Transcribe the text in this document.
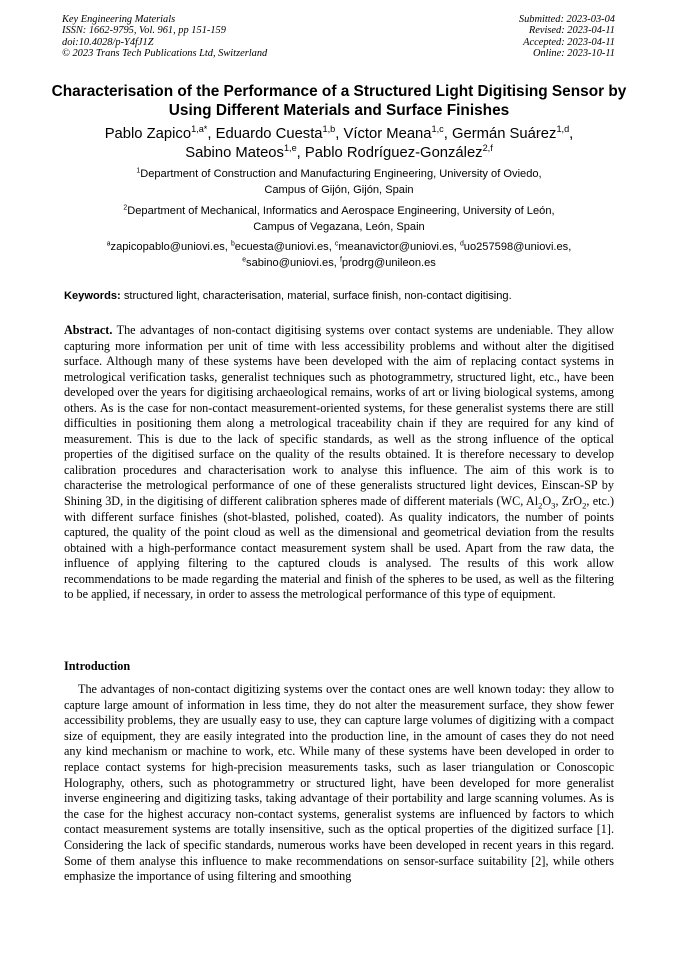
Key Engineering Materials
ISSN: 1662-9795, Vol. 961, pp 151-159
doi:10.4028/p-Y4fJ1Z
© 2023 Trans Tech Publications Ltd, Switzerland
Submitted: 2023-03-04
Revised: 2023-04-11
Accepted: 2023-04-11
Online: 2023-10-11
Characterisation of the Performance of a Structured Light Digitising Sensor by Using Different Materials and Surface Finishes
Pablo Zapico$^{1,a*}$, Eduardo Cuesta$^{1,b}$, Víctor Meana$^{1,c}$, Germán Suárez$^{1,d}$,
Sabino Mateos$^{1,e}$, Pablo Rodríguez-González$^{2,f}$
$^1$Department of Construction and Manufacturing Engineering, University of Oviedo,
Campus of Gijón, Gijón, Spain
$^2$Department of Mechanical, Informatics and Aerospace Engineering, University of León,
Campus of Vegazana, León, Spain
$^a$zapicopablo@uniovi.es, $^b$ecuesta@uniovi.es, $^c$meanavictor@uniovi.es, $^d$uo257598@uniovi.es,
$^e$sabino@uniovi.es, $^f$prodrg@unileon.es
Keywords: structured light, characterisation, material, surface finish, non-contact digitising.
Abstract. The advantages of non-contact digitising systems over contact systems are undeniable. They allow capturing more information per unit of time with less accessibility problems and without alter the digitised surface. Although many of these systems have been developed with the aim of replacing contact systems in metrological verification tasks, generalist techniques such as photogrammetry, structured light, etc., have been developed over the years for digitising archaeological remains, works of art or living biological systems, among others. As is the case for non-contact measurement-oriented systems, for these generalist systems there are still difficulties in positioning them along a metrological traceability chain if they are required for any kind of measurement. This is due to the lack of specific standards, as well as the strong influence of the optical properties of the digitised surface on the quality of the results obtained. It is therefore necessary to develop calibration procedures and characterisation work to analyse this influence. The aim of this work is to characterise the metrological performance of one of these generalists structured light devices, Einscan-SP by Shining 3D, in the digitising of different calibration spheres made of different materials (WC, $Al_2O_3$, ZrO$_2$, etc.) with different surface finishes (shot-blasted, polished, coated). As quality indicators, the number of points captured, the quality of the point cloud as well as the dimensional and geometrical deviation from the results obtained with a high-performance contact measurement system shall be used. Apart from the raw data, the influence of applying filtering to the captured clouds is analysed. The results of this work allow recommendations to be made regarding the material and finish of the spheres to be used, as well as the filtering to be applied, if necessary, in order to assess the metrological performance of this type of equipment.
Introduction
The advantages of non-contact digitizing systems over the contact ones are well known today: they allow to capture large amount of information in less time, they do not alter the measurement surface, they show fewer accessibility problems, they are usually easy to use, they can capture large volumes of digitizing with a compact size of equipment, they are easily integrated into the production line, in the amount of cases they do not need any kind mechanism or machine to work, etc. While many of these systems have been developed in order to replace contact systems for high-precision measurements tasks, such as laser triangulation or Conoscopic Holography, others, such as photogrammetry or structured light, have been developed for more generalist inverse engineering and digitizing tasks, taking advantage of their portability and large scanning volumes. As is the case for the highest accuracy non-contact systems, generalist systems are influenced by factors to which contact measurement systems are totally insensitive, such as the optical properties of the digitized surface [1]. Considering the lack of specific standards, numerous works have been developed in recent years in this regard. Some of them analyse this influence to make recommendations on sensor-surface suitability [2], while others emphasize the importance of using filtering and smoothing
